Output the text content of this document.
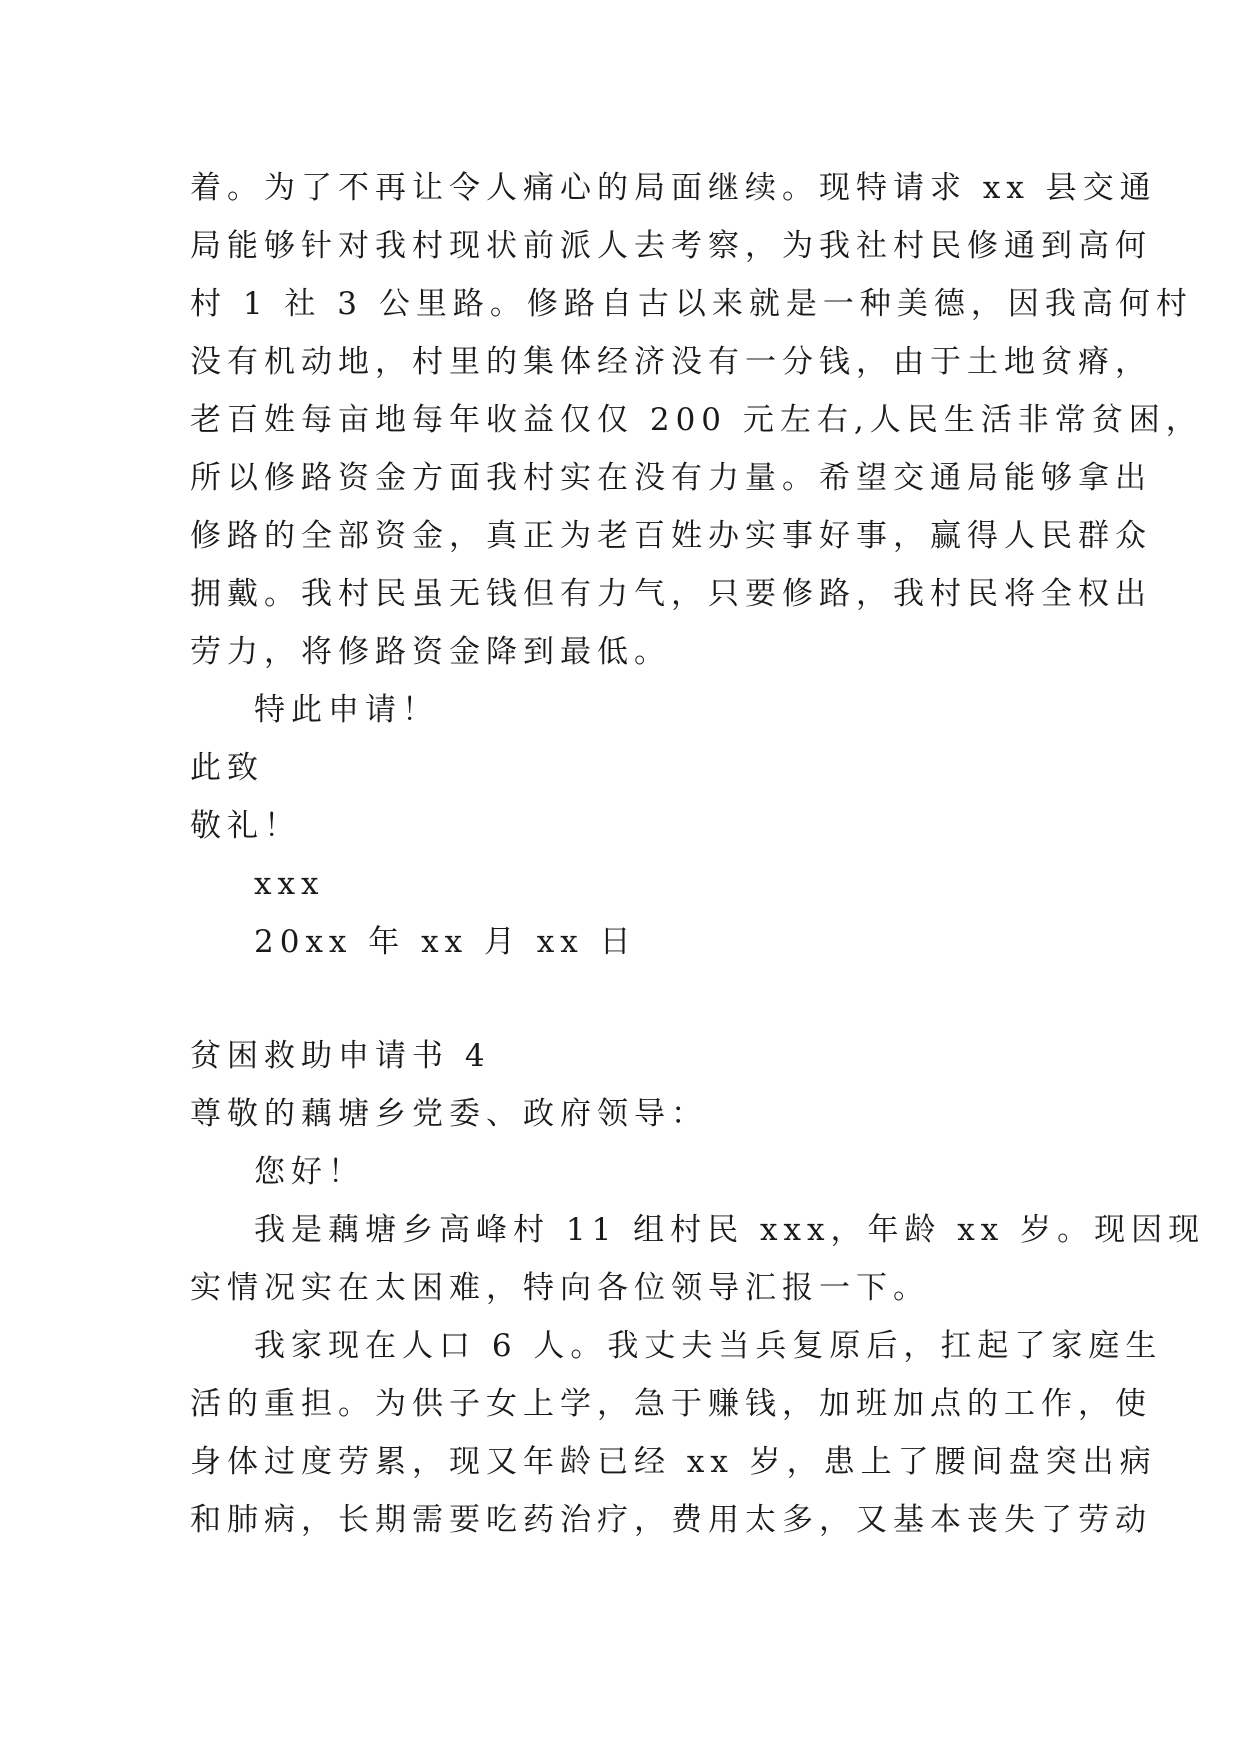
着。为了不再让令人痛心的局面继续。现特请求 xx 县交通
局能够针对我村现状前派人去考察，为我社村民修通到高何
村 1 社 3 公里路。修路自古以来就是一种美德，因我高何村
没有机动地，村里的集体经济没有一分钱，由于土地贫瘠，
老百姓每亩地每年收益仅仅 200 元左右,人民生活非常贫困，
所以修路资金方面我村实在没有力量。希望交通局能够拿出
修路的全部资金，真正为老百姓办实事好事，赢得人民群众
拥戴。我村民虽无钱但有力气，只要修路，我村民将全权出
劳力，将修路资金降到最低。
特此申请！
此致
敬礼！
xxx
20xx 年 xx 月 xx 日
贫困救助申请书 4
尊敬的藕塘乡党委、政府领导：
您好！
我是藕塘乡高峰村 11 组村民 xxx，年龄 xx 岁。现因现
实情况实在太困难，特向各位领导汇报一下。
我家现在人口 6 人。我丈夫当兵复原后，扛起了家庭生
活的重担。为供子女上学，急于赚钱，加班加点的工作，使
身体过度劳累，现又年龄已经 xx 岁，患上了腰间盘突出病
和肺病，长期需要吃药治疗，费用太多，又基本丧失了劳动
